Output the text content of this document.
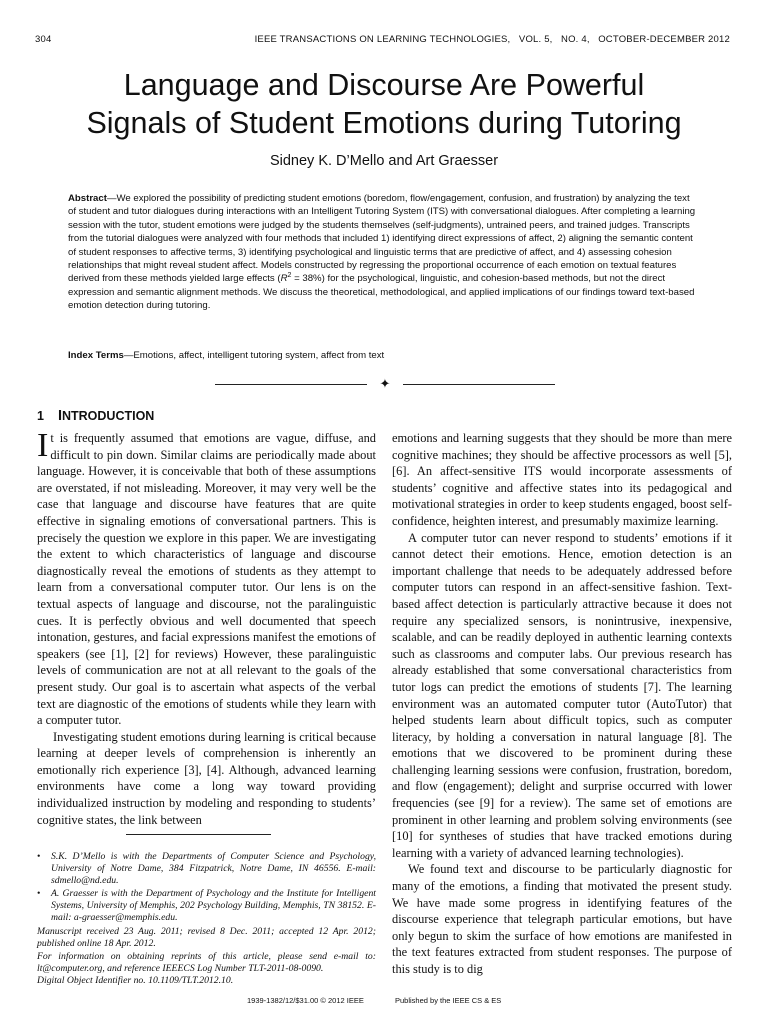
304	IEEE TRANSACTIONS ON LEARNING TECHNOLOGIES,   VOL. 5,   NO. 4,   OCTOBER-DECEMBER 2012
Language and Discourse Are Powerful
Signals of Student Emotions during Tutoring
Sidney K. D’Mello and Art Graesser
Abstract—We explored the possibility of predicting student emotions (boredom, flow/engagement, confusion, and frustration) by analyzing the text of student and tutor dialogues during interactions with an Intelligent Tutoring System (ITS) with conversational dialogues. After completing a learning session with the tutor, student emotions were judged by the students themselves (self-judgments), untrained peers, and trained judges. Transcripts from the tutorial dialogues were analyzed with four methods that included 1) identifying direct expressions of affect, 2) aligning the semantic content of student responses to affective terms, 3) identifying psychological and linguistic terms that are predictive of affect, and 4) assessing cohesion relationships that might reveal student affect. Models constructed by regressing the proportional occurrence of each emotion on textual features derived from these methods yielded large effects $(R^2 = 38\%)$ for the psychological, linguistic, and cohesion-based methods, but not the direct expression and semantic alignment methods. We discuss the theoretical, methodological, and applied implications of our findings toward text-based emotion detection during tutoring.
Index Terms—Emotions, affect, intelligent tutoring system, affect from text
✦
1 INTRODUCTION

It is frequently assumed that emotions are vague, diffuse, and difficult to pin down. Similar claims are periodically made about language. However, it is conceivable that both of these assumptions are overstated, if not misleading. Moreover, it may very well be the case that language and discourse have features that are quite effective in signaling emotions of conversational partners. This is precisely the question we explore in this paper. We are investigating the extent to which characteristics of language and discourse diagnostically reveal the emotions of students as they attempt to learn from a conversational computer tutor. Our lens is on the textual aspects of language and discourse, not the paralinguistic cues. It is perfectly obvious and well documented that speech intonation, gestures, and facial expressions manifest the emotions of speakers (see [1], [2] for reviews) However, these paralinguistic levels of communication are not at all relevant to the goals of the present study. Our goal is to ascertain what aspects of the verbal text are diagnostic of the emotions of students while they learn with a computer tutor.

Investigating student emotions during learning is critical because learning at deeper levels of comprehension is inherently an emotionally rich experience [3], [4]. Although, advanced learning environments have come a long way toward providing individualized instruction by modeling and responding to students’ cognitive states, the link between

emotions and learning suggests that they should be more than mere cognitive machines; they should be affective processors as well [5], [6]. An affect-sensitive ITS would incorporate assessments of students’ cognitive and affective states into its pedagogical and motivational strategies in order to keep students engaged, boost self-confidence, heighten interest, and presumably maximize learning.

A computer tutor can never respond to students’ emotions if it cannot detect their emotions. Hence, emotion detection is an important challenge that needs to be adequately addressed before computer tutors can respond in an affect-sensitive fashion. Text-based affect detection is particularly attractive because it does not require any specialized sensors, is nonintrusive, inexpensive, scalable, and can be readily deployed in authentic learning contexts such as classrooms and computer labs. Our previous research has already established that some conversational characteristics from tutor logs can predict the emotions of students [7]. The learning environment was an automated computer tutor (AutoTutor) that helped students learn about difficult topics, such as computer literacy, by holding a conversation in natural language [8]. The emotions that we discovered to be prominent during these challenging learning sessions were confusion, frustration, boredom, and flow (engagement); delight and surprise occurred with lower frequencies (see [9] for a review). The same set of emotions are prominent in other learning and problem solving environments (see [10] for syntheses of studies that have tracked emotions during learning with a variety of advanced learning technologies).

We found text and discourse to be particularly diagnostic for many of the emotions, a finding that motivated the present study. We have made some progress in identifying features of the discourse experience that telegraph particular emotions, but have only begun to skim the surface of how emotions are manifested in the text features extracted from student responses. The purpose of this study is to dig

• S.K. D’Mello is with the Departments of Computer Science and Psychology, University of Notre Dame, 384 Fitzpatrick, Notre Dame, IN 46556. E-mail: sdmello@nd.edu.
• A. Graesser is with the Department of Psychology and the Institute for Intelligent Systems, University of Memphis, 202 Psychology Building, Memphis, TN 38152. E-mail: a-graesser@memphis.edu.

Manuscript received 23 Aug. 2011; revised 8 Dec. 2011; accepted 12 Apr. 2012; published online 18 Apr. 2012.

For information on obtaining reprints of this article, please send e-mail to: lt@computer.org, and reference IEEECS Log Number TLT-2011-08-0090.

Digital Object Identifier no. 10.1109/TLT.2012.10.

1939-1382/12/$31.00 © 2012 IEEE	Published by the IEEE CS & ES
